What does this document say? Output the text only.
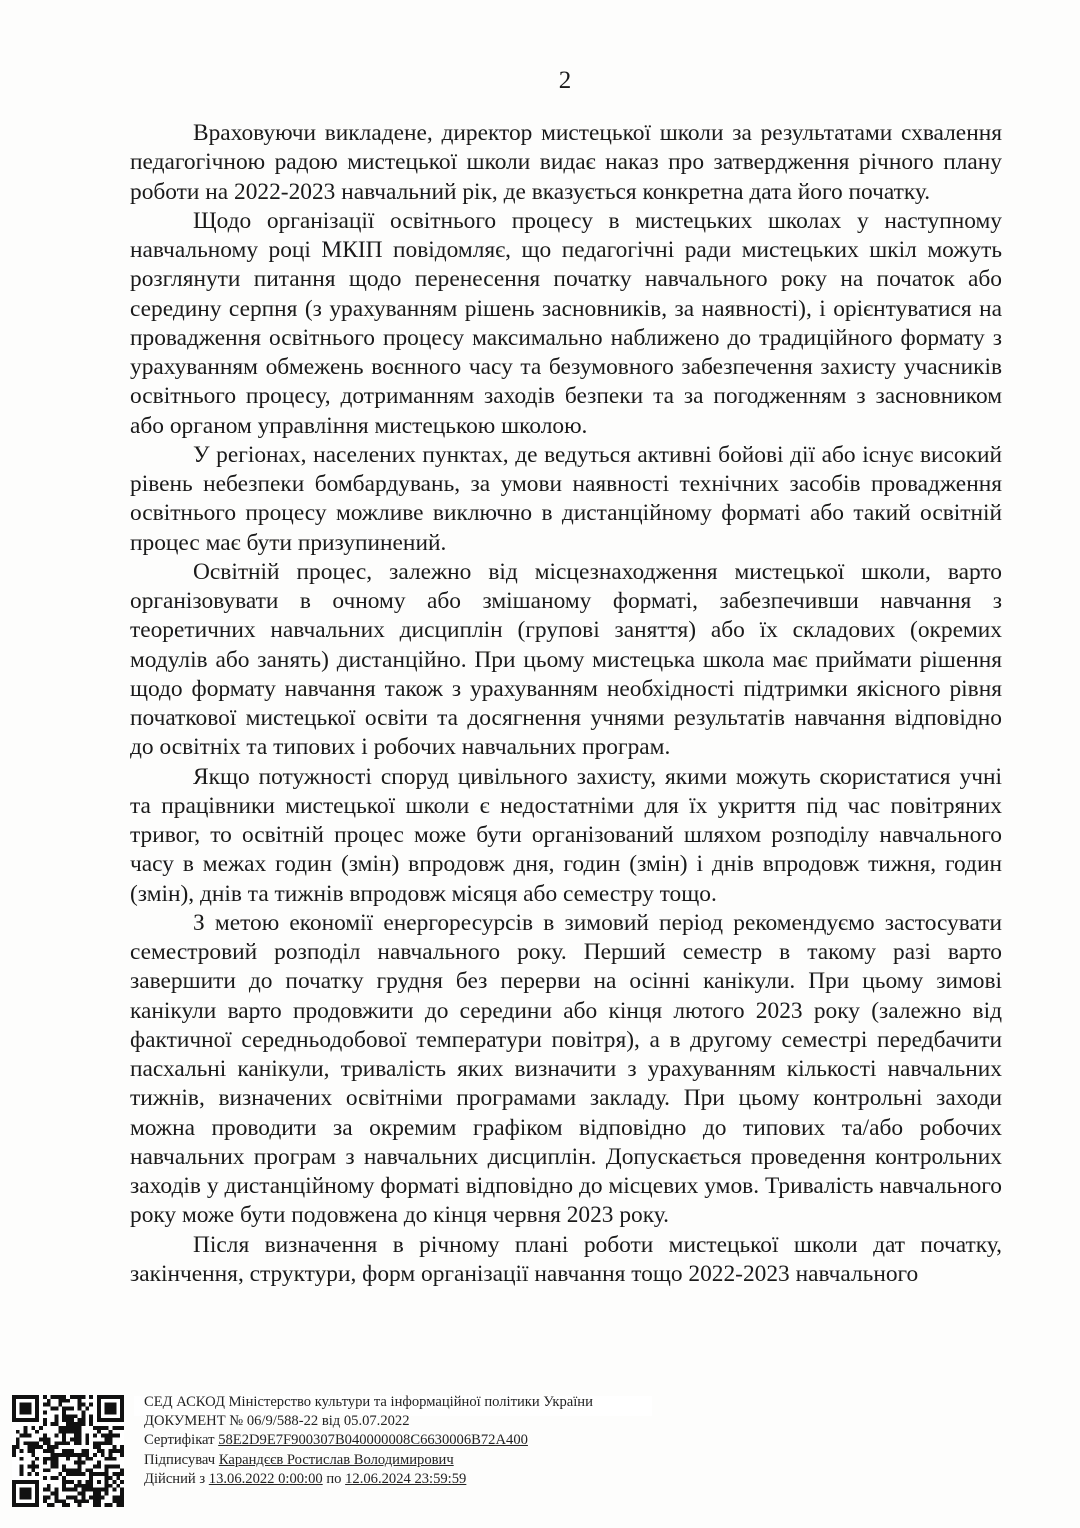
2

Враховуючи викладене, директор мистецької школи за результатами схвалення педагогічною радою мистецької школи видає наказ про затвердження річного плану роботи на 2022-2023 навчальний рік, де вказується конкретна дата його початку.

Щодо організації освітнього процесу в мистецьких школах у наступному навчальному році МКІП повідомляє, що педагогічні ради мистецьких шкіл можуть розглянути питання щодо перенесення початку навчального року на початок або середину серпня (з урахуванням рішень засновників, за наявності), і орієнтуватися на провадження освітнього процесу максимально наближено до традиційного формату з урахуванням обмежень воєнного часу та безумовного забезпечення захисту учасників освітнього процесу, дотриманням заходів безпеки та за погодженням з засновником або органом управління мистецькою школою.

У регіонах, населених пунктах, де ведуться активні бойові дії або існує високий рівень небезпеки бомбардувань, за умови наявності технічних засобів провадження освітнього процесу можливе виключно в дистанційному форматі або такий освітній процес має бути призупинений.

Освітній процес, залежно від місцезнаходження мистецької школи, варто організовувати в очному або змішаному форматі, забезпечивши навчання з теоретичних навчальних дисциплін (групові заняття) або їх складових (окремих модулів або занять) дистанційно. При цьому мистецька школа має приймати рішення щодо формату навчання також з урахуванням необхідності підтримки якісного рівня початкової мистецької освіти та досягнення учнями результатів навчання відповідно до освітніх та типових і робочих навчальних програм.

Якщо потужності споруд цивільного захисту, якими можуть скористатися учні та працівники мистецької школи є недостатніми для їх укриття під час повітряних тривог, то освітній процес може бути організований шляхом розподілу навчального часу в межах годин (змін) впродовж дня, годин (змін) і днів впродовж тижня, годин (змін), днів та тижнів впродовж місяця або семестру тощо.

З метою економії енергоресурсів в зимовий період рекомендуємо застосувати семестровий розподіл навчального року. Перший семестр в такому разі варто завершити до початку грудня без перерви на осінні канікули. При цьому зимові канікули варто продовжити до середини або кінця лютого 2023 року (залежно від фактичної середньодобової температури повітря), а в другому семестрі передбачити пасхальні канікули, тривалість яких визначити з урахуванням кількості навчальних тижнів, визначених освітніми програмами закладу. При цьому контрольні заходи можна проводити за окремим графіком відповідно до типових та/або робочих навчальних програм з навчальних дисциплін. Допускається проведення контрольних заходів у дистанційному форматі відповідно до місцевих умов. Тривалість навчального року може бути подовжена до кінця червня 2023 року.

Після визначення в річному плані роботи мистецької школи дат початку, закінчення, структури, форм організації навчання тощо 2022-2023 навчального

СЕД АСКОД Міністерство культури та інформаційної політики України
ДОКУМЕНТ № 06/9/588-22 від 05.07.2022
Сертифікат 58E2D9E7F900307B040000008C6630006B72A400
Підписувач Карандєєв Ростислав Володимирович
Дійсний з 13.06.2022 0:00:00 по 12.06.2024 23:59:59
